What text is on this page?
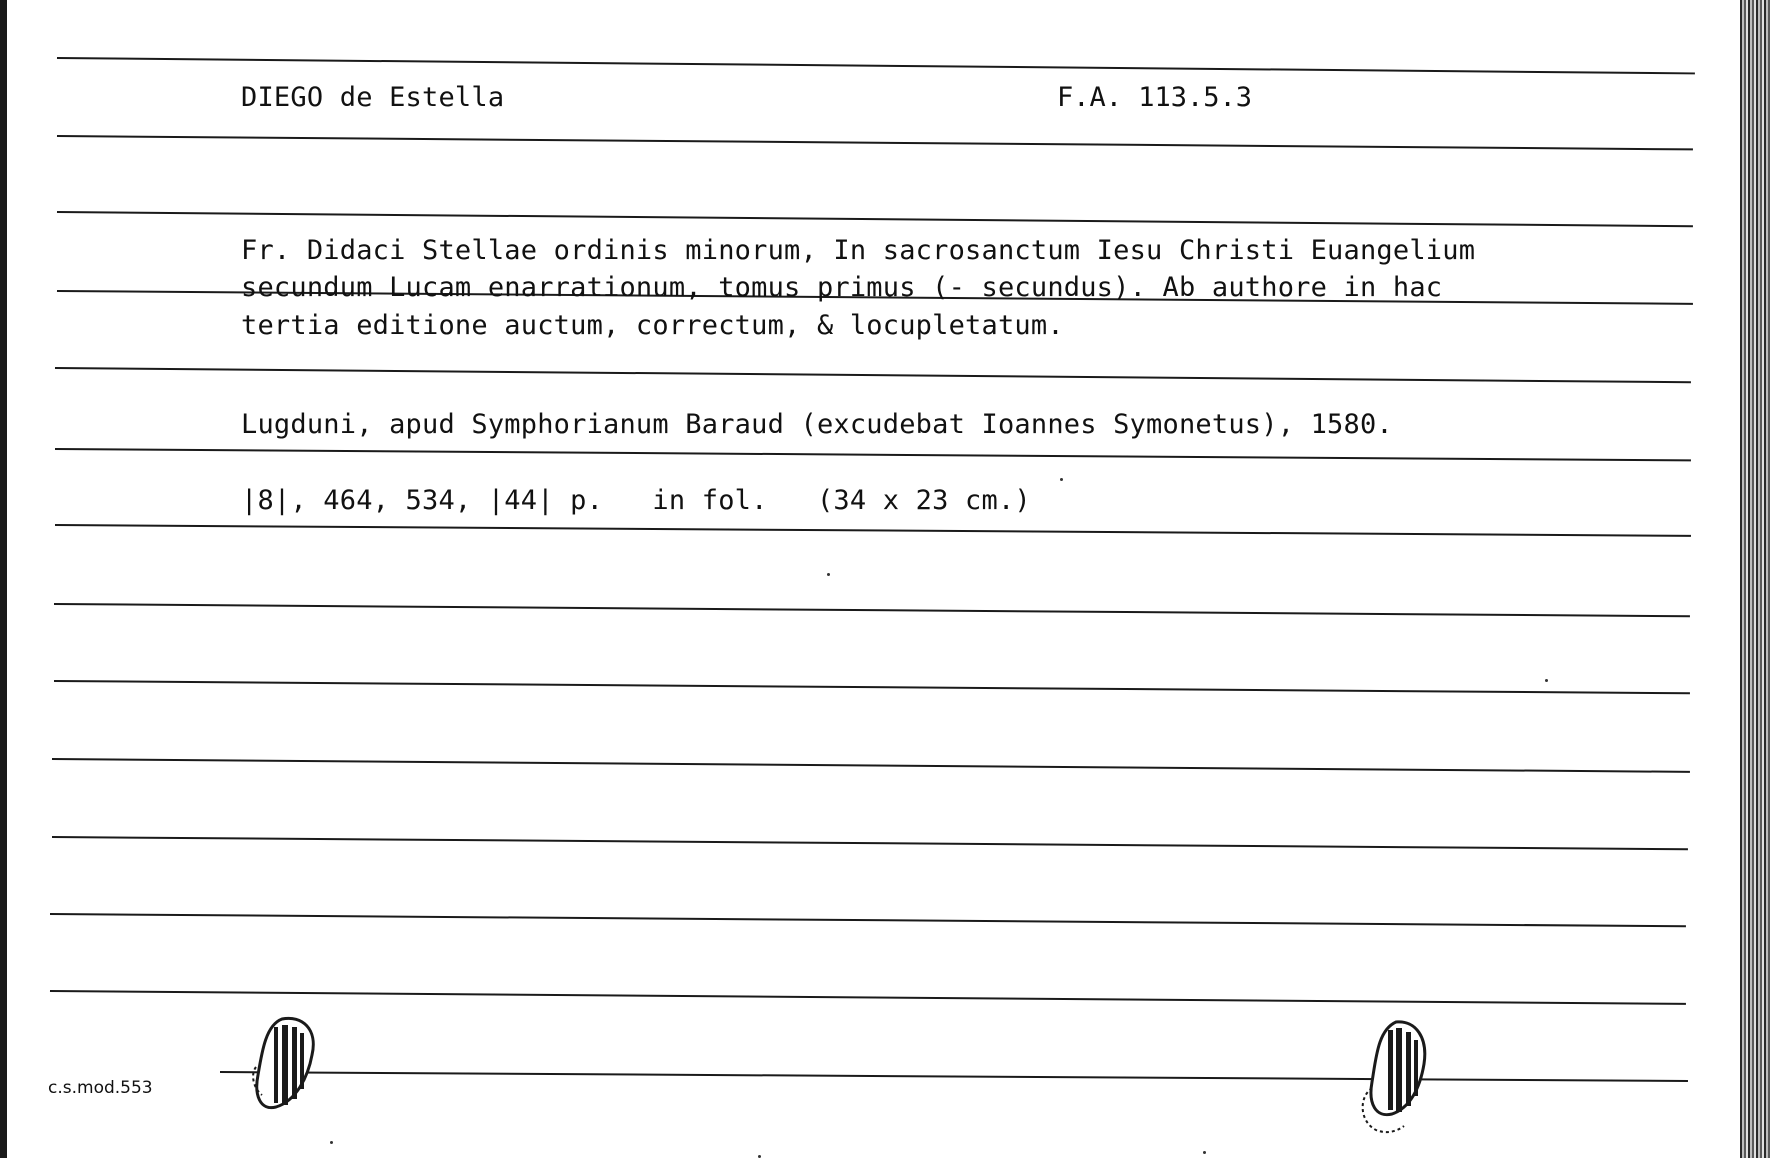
DIEGO de Estella	F.A. 113.5.3
Fr. Didaci Stellae ordinis minorum, In sacrosanctum Iesu Christi Euangelium
secundum Lucam enarrationum, tomus primus (- secundus). Ab authore in hac
tertia editione auctum, correctum, & locupletatum.
Lugduni, apud Symphorianum Baraud (excudebat Ioannes Symonetus), 1580.
|8|, 464, 534, |44| p.   in fol.   (34 x 23 cm.)
c.s.mod.553
